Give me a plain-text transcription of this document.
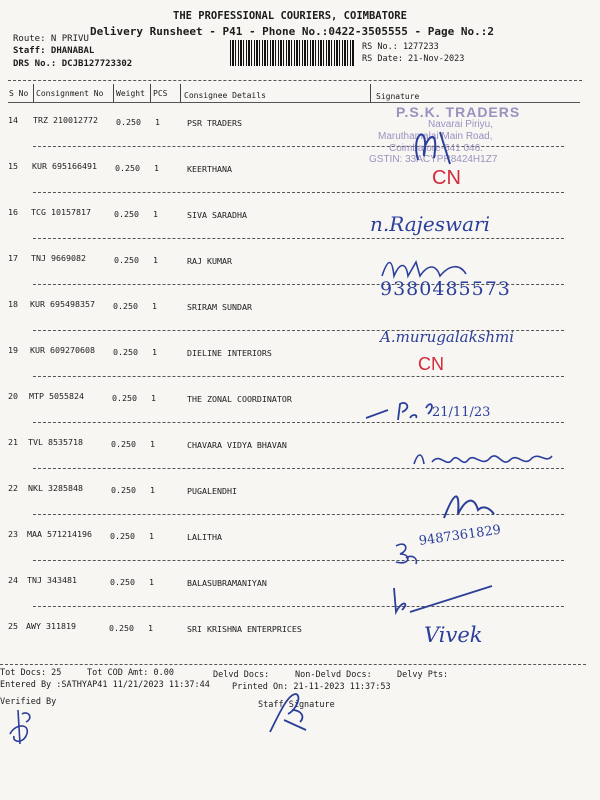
THE PROFESSIONAL COURIERS, COIMBATORE
Delivery Runsheet - P41 - Phone No.:0422-3505555 - Page No.:2
Route: N PRIVU
Staff: DHANABAL
DRS No.: DCJB127723302
RS No.: 1277233
RS Date: 21-Nov-2023
S No Consignment No Weight PCS Consignee Details	Signature
14 TRZ 210012772 0.250 1	PSR TRADERS
15 KUR 695166491 0.250 1	KEERTHANA
16 TCG 10157817	0.250 1	SIVA SARADHA
17 TNJ 9669082	0.250 1	RAJ KUMAR
18 KUR 695498357 0.250 1	SRIRAM SUNDAR
19 KUR 609270608 0.250 1	DIELINE INTERIORS
20 MTP 5055824	0.250 1	THE ZONAL COORDINATOR
21 TVL 8535718	0.250 1	CHAVARA VIDYA BHAVAN
22 NKL 3285848	0.250 1	PUGALENDHI
23 MAA 571214196 0.250 1	LALITHA
24 TNJ 343481	0.250 1	BALASUBRAMANIYAN
25 AWY 311819	0.250 1	SRI KRISHNA ENTERPRICES
P.S.K. TRADERS
Navarai Piriyu,
Maruthamalai Main Road,
Coimbatore-641 046.
GSTIN: 33ACYPR8424H1Z7
CN
n.Rajeswari
9380485573
A.murugalakshmi
CN
21/11/23
9487361829
Vivek
Tot Docs: 25	Tot COD Amt: 0.00	Delvd Docs:	Non-Delvd Docs:	Delvy Pts:
Entered By :SATHYAP41 11/21/2023 11:37:44	Printed On: 21-11-2023 11:37:53
Verified By	Staff Signature
